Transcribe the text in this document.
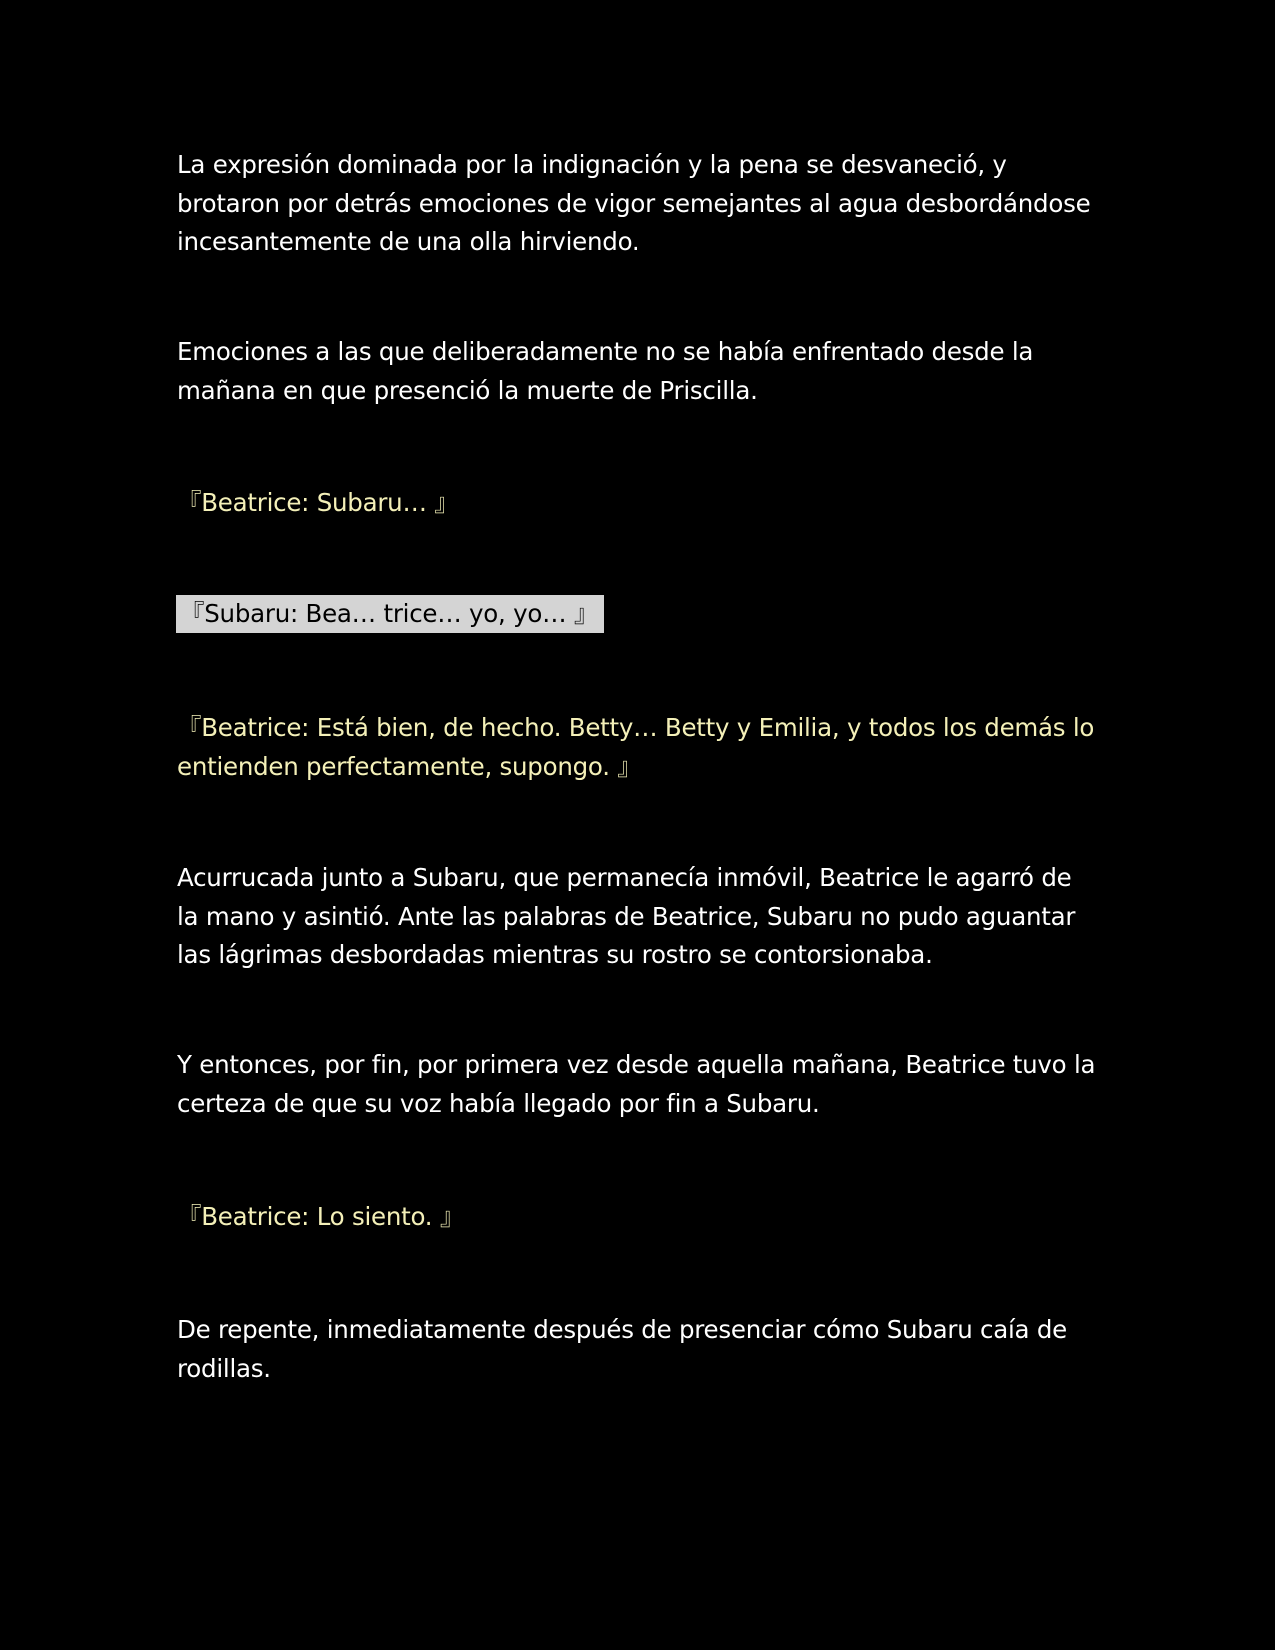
La expresión dominada por la indignación y la pena se desvaneció, y brotaron por detrás emociones de vigor semejantes al agua desbordándose incesantemente de una olla hirviendo.

Emociones a las que deliberadamente no se había enfrentado desde la mañana en que presenció la muerte de Priscilla.

『Beatrice: Subaru… 』

『Subaru: Bea… trice… yo, yo… 』

『Beatrice: Está bien, de hecho. Betty… Betty y Emilia, y todos los demás lo entienden perfectamente, supongo. 』

Acurrucada junto a Subaru, que permanecía inmóvil, Beatrice le agarró de la mano y asintió. Ante las palabras de Beatrice, Subaru no pudo aguantar las lágrimas desbordadas mientras su rostro se contorsionaba.

Y entonces, por fin, por primera vez desde aquella mañana, Beatrice tuvo la certeza de que su voz había llegado por fin a Subaru.

『Beatrice: Lo siento. 』

De repente, inmediatamente después de presenciar cómo Subaru caía de rodillas.
